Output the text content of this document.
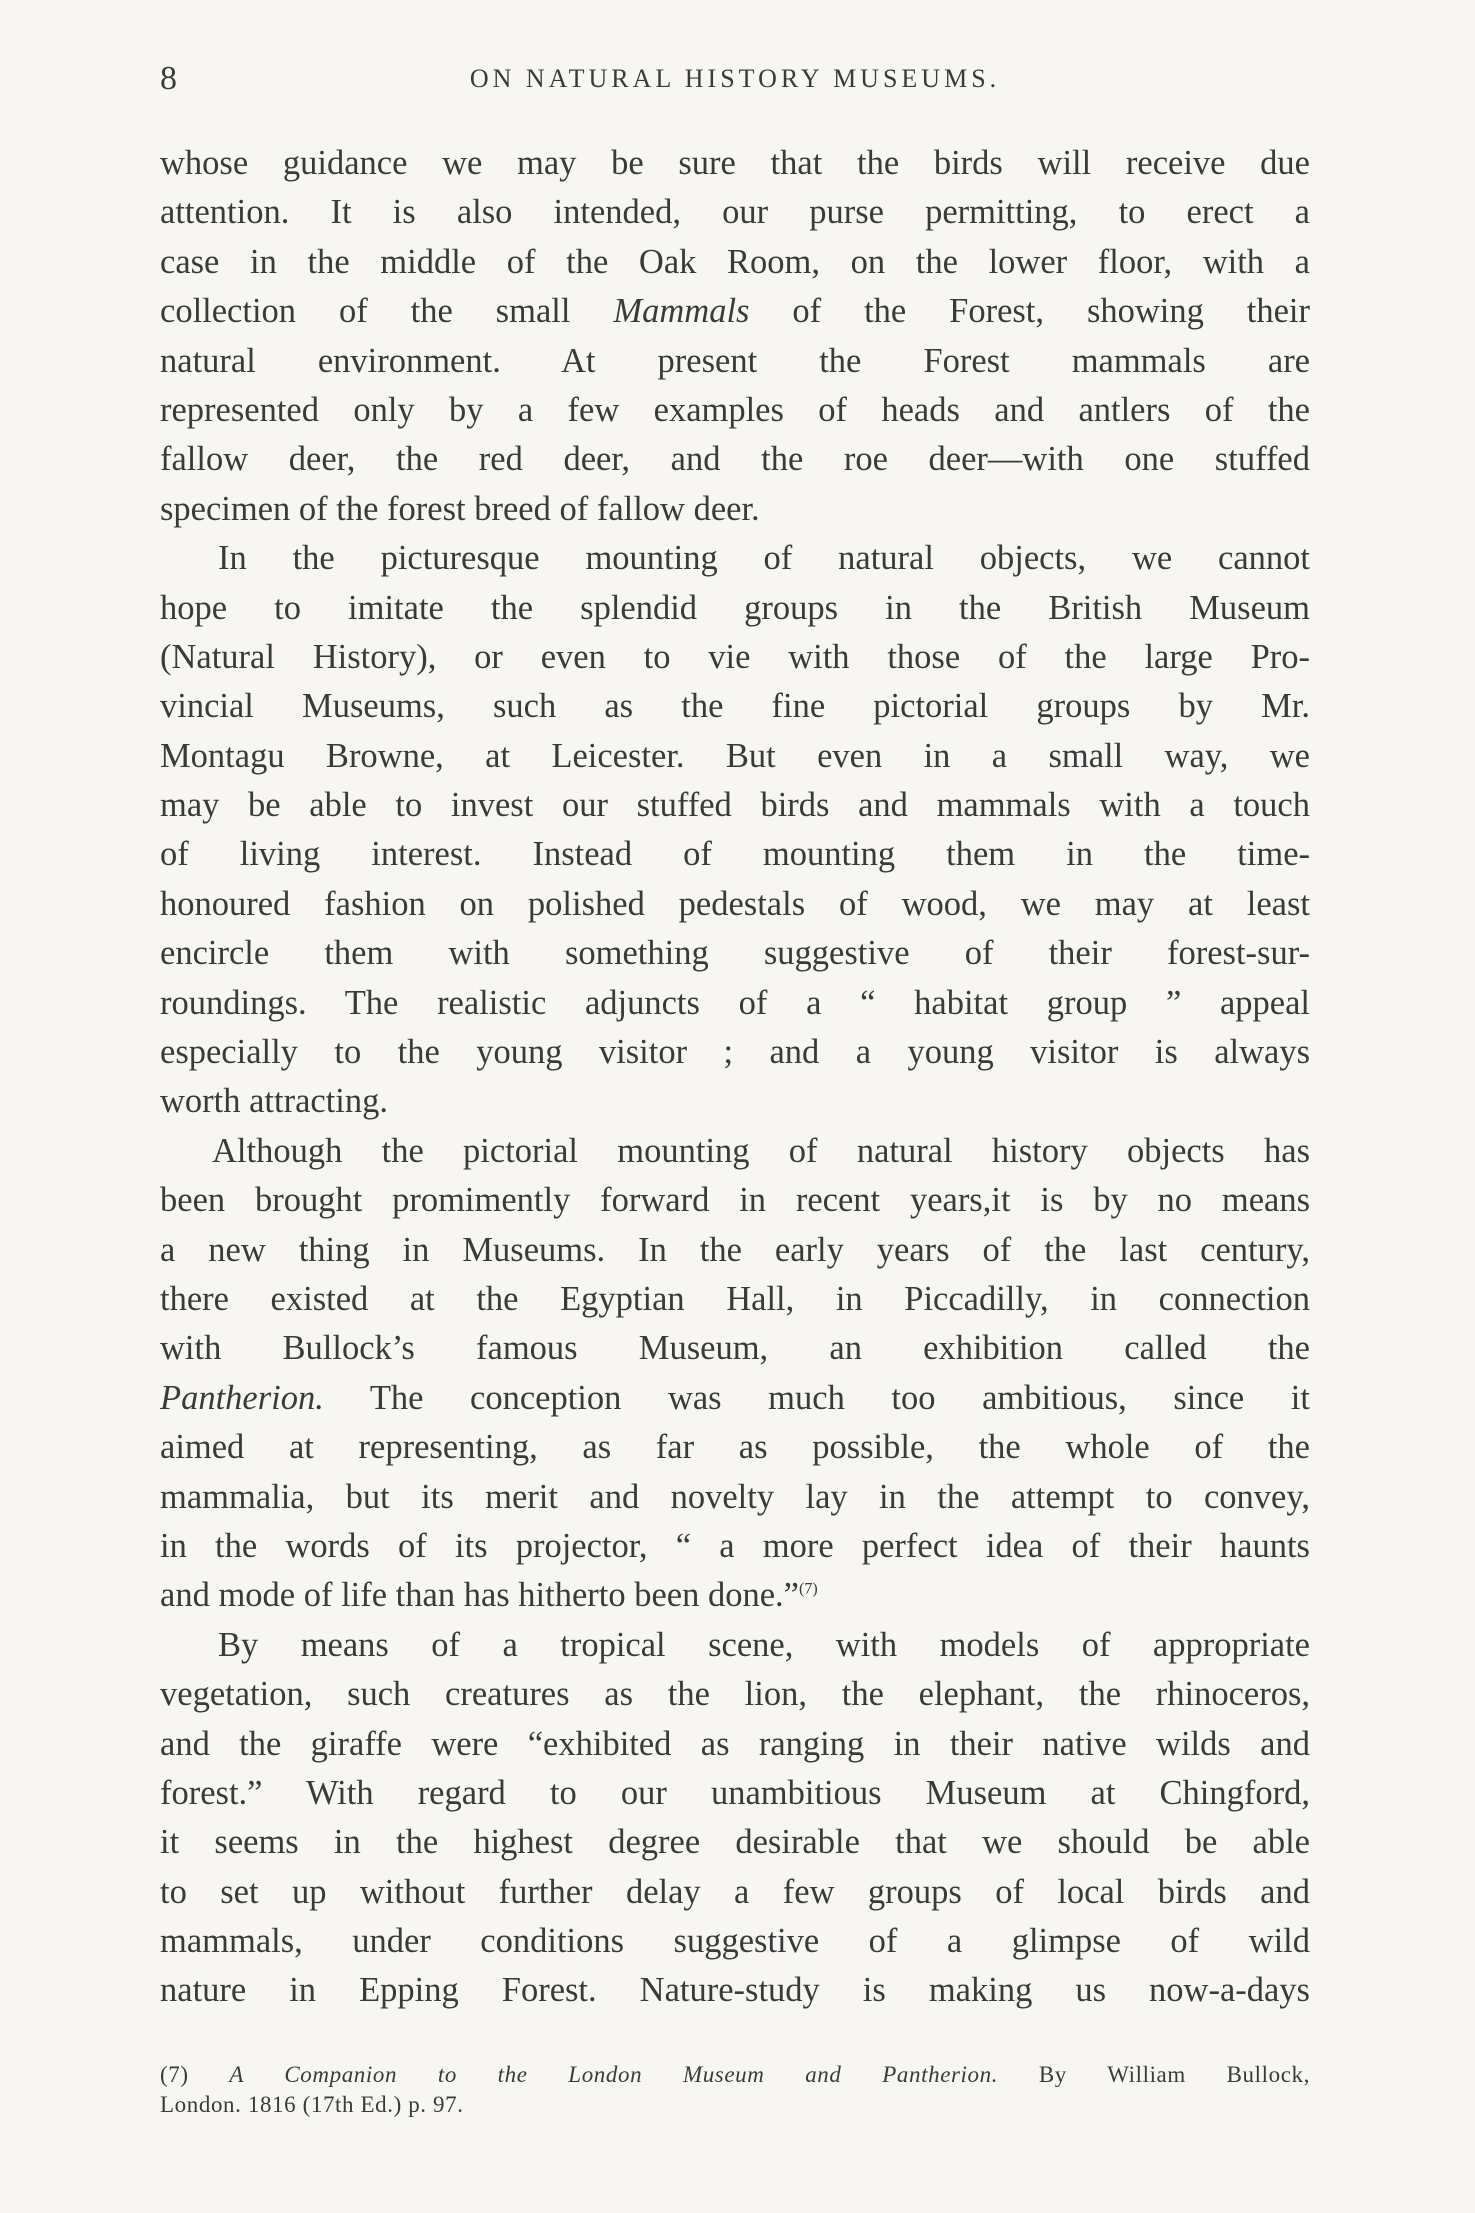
8	ON NATURAL HISTORY MUSEUMS.
whose guidance we may be sure that the birds will receive due
attention. It is also intended, our purse permitting, to erect a
case in the middle of the Oak Room, on the lower floor, with a
collection of the small Mammals of the Forest, showing their
natural environment. At present the Forest mammals are
represented only by a few examples of heads and antlers of the
fallow deer, the red deer, and the roe deer—with one stuffed
specimen of the forest breed of fallow deer.
In the picturesque mounting of natural objects, we cannot
hope to imitate the splendid groups in the British Museum
(Natural History), or even to vie with those of the large Pro-
vincial Museums, such as the fine pictorial groups by Mr.
Montagu Browne, at Leicester. But even in a small way, we
may be able to invest our stuffed birds and mammals with a touch
of living interest. Instead of mounting them in the time-
honoured fashion on polished pedestals of wood, we may at least
encircle them with something suggestive of their forest-sur-
roundings. The realistic adjuncts of a “ habitat group ” appeal
especially to the young visitor ; and a young visitor is always
worth attracting.
Although the pictorial mounting of natural history objects has
been brought promimently forward in recent years,it is by no means
a new thing in Museums. In the early years of the last century,
there existed at the Egyptian Hall, in Piccadilly, in connection
with Bullock’s famous Museum, an exhibition called the
Pantherion. The conception was much too ambitious, since it
aimed at representing, as far as possible, the whole of the
mammalia, but its merit and novelty lay in the attempt to convey,
in the words of its projector, “ a more perfect idea of their haunts
and mode of life than has hitherto been done.”$^{(7)}$
By means of a tropical scene, with models of appropriate
vegetation, such creatures as the lion, the elephant, the rhinoceros,
and the giraffe were “exhibited as ranging in their native wilds and
forest.” With regard to our unambitious Museum at Chingford,
it seems in the highest degree desirable that we should be able
to set up without further delay a few groups of local birds and
mammals, under conditions suggestive of a glimpse of wild
nature in Epping Forest. Nature-study is making us now-a-days
(7) A Companion to the London Museum and Pantherion. By William Bullock,
London. 1816 (17th Ed.) p. 97.
